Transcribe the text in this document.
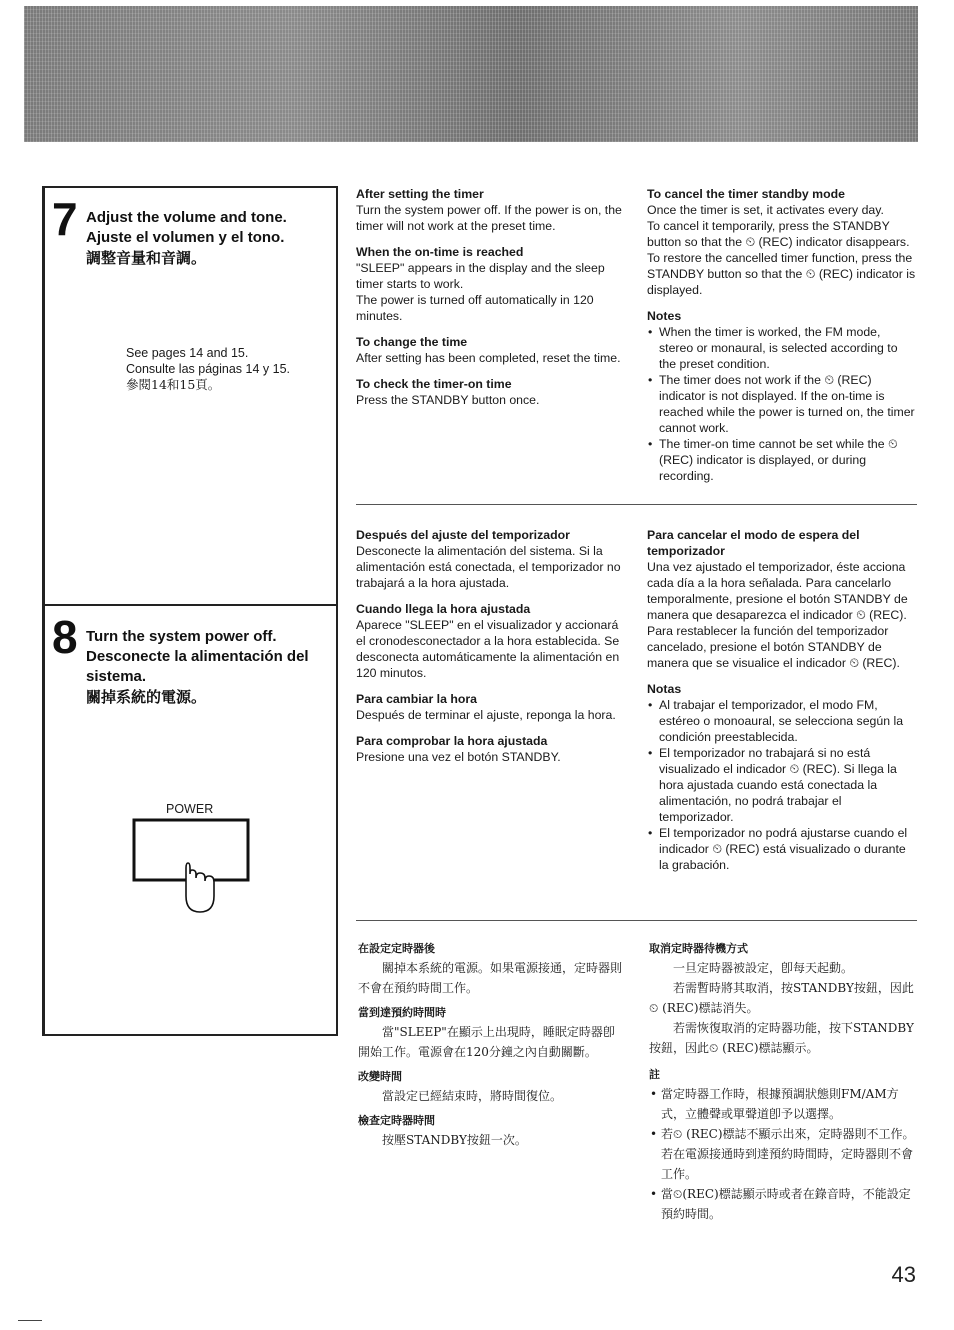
7 Adjust the volume and tone.
Ajuste el volumen y el tono.
調整音量和音調。
See pages 14 and 15.
Consulte las páginas 14 y 15.
參閱14和15頁。
8 Turn the system power off.
Desconecte la alimentación del
sistema.
關掉系統的電源。
POWER
After setting the timer

Turn the system power off. If the power is on, the timer will not work at the preset time.

When the on-time is reached

"SLEEP" appears in the display and the sleep timer starts to work.

The power is turned off automatically in 120 minutes.

To change the time

After setting has been completed, reset the time.

To check the timer-on time

Press the STANDBY button once.

To cancel the timer standby mode

Once the timer is set, it activates every day.

To cancel it temporarily, press the STANDBY button so that the ⏲ (REC) indicator disappears.

To restore the cancelled timer function, press the STANDBY button so that the ⏲ (REC) indicator is displayed.

Notes
• When the timer is worked, the FM mode, stereo or monaural, is selected according to the preset condition.
• The timer does not work if the ⏲ (REC) indicator is not displayed. If the on-time is reached while the power is turned on, the timer cannot work.
• The timer-on time cannot be set while the ⏲ (REC) indicator is displayed, or during recording.
Después del ajuste del temporizador

Desconecte la alimentación del sistema. Si la alimentación está conectada, el temporizador no trabajará a la hora ajustada.

Cuando llega la hora ajustada

Aparece "SLEEP" en el visualizador y accionará el cronodesconectador a la hora establecida. Se desconecta automáticamente la alimentación en 120 minutos.

Para cambiar la hora

Después de terminar el ajuste, reponga la hora.

Para comprobar la hora ajustada

Presione una vez el botón STANDBY.

Para cancelar el modo de espera del temporizador

Una vez ajustado el temporizador, éste acciona cada día a la hora señalada. Para cancelarlo temporalmente, presione el botón STANDBY de manera que desaparezca el indicador ⏲ (REC). Para restablecer la función del temporizador cancelado, presione el botón STANDBY de manera que se visualice el indicador ⏲ (REC).

Notas
• Al trabajar el temporizador, el modo FM, estéreo o monoaural, se selecciona según la condición preestablecida.
• El temporizador no trabajará si no está visualizado el indicador ⏲ (REC). Si llega la hora ajustada cuando está conectada la alimentación, no podrá trabajar el temporizador.
• El temporizador no podrá ajustarse cuando el indicador ⏲ (REC) está visualizado o durante la grabación.
在設定定時器後

關掉本系統的電源。如果電源接通，定時器則不會在預約時間工作。

當到達預約時間時

當"SLEEP"在顯示上出現時，睡眠定時器卽開始工作。電源會在120分鐘之內自動關斷。

改變時間

當設定已經結束時，將時間復位。

檢查定時器時間

按壓STANDBY按鈕一次。

取消定時器待機方式

一旦定時器被設定，卽每天起動。

若需暫時將其取消，按STANDBY按鈕，因此⏲ (REC)標誌消失。

若需恢復取消的定時器功能，按下STANDBY按鈕，因此⏲ (REC)標誌顯示。

註
• 當定時器工作時，根據預調狀態則FM/AM方式，立體聲或單聲道卽予以選擇。
• 若⏲ (REC)標誌不顯示出來，定時器則不工作。若在電源接通時到達預約時間時，定時器則不會工作。
• 當⏲(REC)標誌顯示時或者在錄音時，不能設定預約時間。
43
